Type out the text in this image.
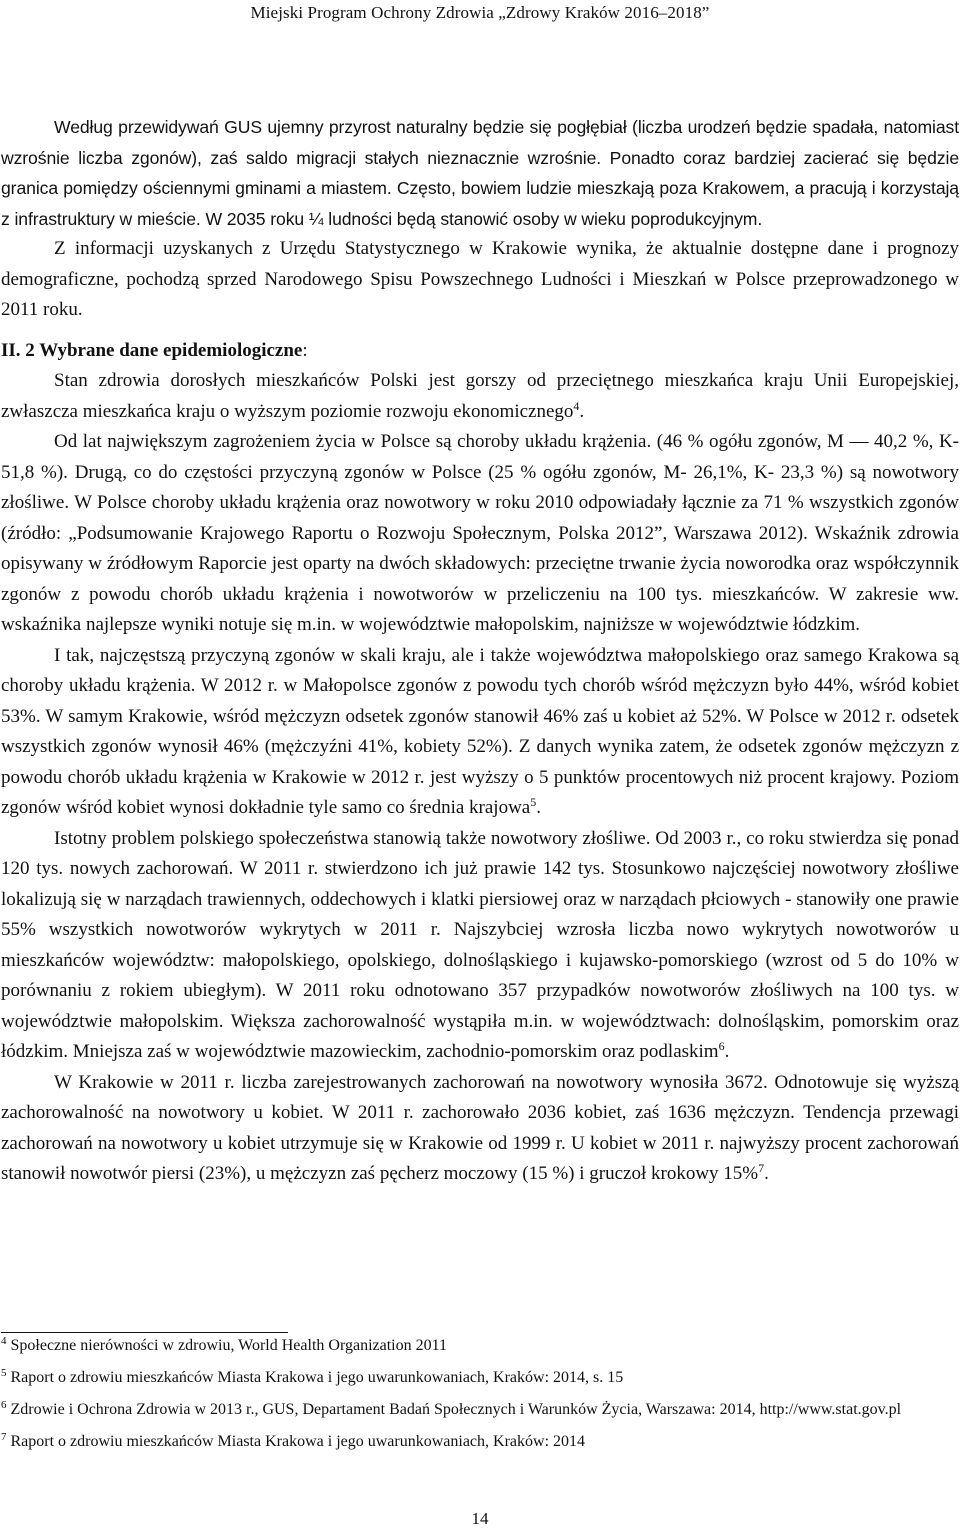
Miejski Program Ochrony Zdrowia „Zdrowy Kraków 2016–2018”

Według przewidywań GUS ujemny przyrost naturalny będzie się pogłębiał (liczba urodzeń będzie spadała, natomiast wzrośnie liczba zgonów), zaś saldo migracji stałych nieznacznie wzrośnie. Ponadto coraz bardziej zacierać się będzie granica pomiędzy ościennymi gminami a miastem. Często, bowiem ludzie mieszkają poza Krakowem, a pracują i korzystają z infrastruktury w mieście. W 2035 roku ¼ ludności będą stanowić osoby w wieku poprodukcyjnym.

Z informacji uzyskanych z Urzędu Statystycznego w Krakowie wynika, że aktualnie dostępne dane i prognozy demograficzne, pochodzą sprzed Narodowego Spisu Powszechnego Ludności i Mieszkań w Polsce przeprowadzonego w 2011 roku.

II. 2 Wybrane dane epidemiologiczne:

Stan zdrowia dorosłych mieszkańców Polski jest gorszy od przeciętnego mieszkańca kraju Unii Europejskiej, zwłaszcza mieszkańca kraju o wyższym poziomie rozwoju ekonomicznego$^4$.

Od lat największym zagrożeniem życia w Polsce są choroby układu krążenia. (46 % ogółu zgonów, M — 40,2 %, K- 51,8 %). Drugą, co do częstości przyczyną zgonów w Polsce (25 % ogółu zgonów, M- 26,1%, K- 23,3 %) są nowotwory złośliwe. W Polsce choroby układu krążenia oraz nowotwory w roku 2010 odpowiadały łącznie za 71 % wszystkich zgonów (źródło: „Podsumowanie Krajowego Raportu o Rozwoju Społecznym, Polska 2012”, Warszawa 2012). Wskaźnik zdrowia opisywany w źródłowym Raporcie jest oparty na dwóch składowych: przeciętne trwanie życia noworodka oraz współczynnik zgonów z powodu chorób układu krążenia i nowotworów w przeliczeniu na 100 tys. mieszkańców. W zakresie ww. wskaźnika najlepsze wyniki notuje się m.in. w województwie małopolskim, najniższe w województwie łódzkim.

I tak, najczęstszą przyczyną zgonów w skali kraju, ale i także województwa małopolskiego oraz samego Krakowa są choroby układu krążenia. W 2012 r. w Małopolsce zgonów z powodu tych chorób wśród mężczyzn było 44%, wśród kobiet 53%. W samym Krakowie, wśród mężczyzn odsetek zgonów stanowił 46% zaś u kobiet aż 52%. W Polsce w 2012 r. odsetek wszystkich zgonów wynosił 46% (mężczyźni 41%, kobiety 52%). Z danych wynika zatem, że odsetek zgonów mężczyzn z powodu chorób układu krążenia w Krakowie w 2012 r. jest wyższy o 5 punktów procentowych niż procent krajowy. Poziom zgonów wśród kobiet wynosi dokładnie tyle samo co średnia krajowa$^5$.

Istotny problem polskiego społeczeństwa stanowią także nowotwory złośliwe. Od 2003 r., co roku stwierdza się ponad 120 tys. nowych zachorowań. W 2011 r. stwierdzono ich już prawie 142 tys. Stosunkowo najczęściej nowotwory złośliwe lokalizują się w narządach trawiennych, oddechowych i klatki piersiowej oraz w narządach płciowych - stanowiły one prawie 55% wszystkich nowotworów wykrytych w 2011 r. Najszybciej wzrosła liczba nowo wykrytych nowotworów u mieszkańców województw: małopolskiego, opolskiego, dolnośląskiego i kujawsko-pomorskiego (wzrost od 5 do 10% w porównaniu z rokiem ubiegłym). W 2011 roku odnotowano 357 przypadków nowotworów złośliwych na 100 tys. w województwie małopolskim. Większa zachorowalność wystąpiła m.in. w województwach: dolnośląskim, pomorskim oraz łódzkim. Mniejsza zaś w województwie mazowieckim, zachodnio-pomorskim oraz podlaskim$^6$.

W Krakowie w 2011 r. liczba zarejestrowanych zachorowań na nowotwory wynosiła 3672. Odnotowuje się wyższą zachorowalność na nowotwory u kobiet. W 2011 r. zachorowało 2036 kobiet, zaś 1636 mężczyzn. Tendencja przewagi zachorowań na nowotwory u kobiet utrzymuje się w Krakowie od 1999 r. U kobiet w 2011 r. najwyższy procent zachorowań stanowił nowotwór piersi (23%), u mężczyzn zaś pęcherz moczowy (15 %) i gruczoł krokowy 15%$^7$.

$^4$ Społeczne nierówności w zdrowiu, World Health Organization 2011

$^5$ Raport o zdrowiu mieszkańców Miasta Krakowa i jego uwarunkowaniach, Kraków: 2014, s. 15

$^6$ Zdrowie i Ochrona Zdrowia w 2013 r., GUS, Departament Badań Społecznych i Warunków Życia, Warszawa: 2014, http://www.stat.gov.pl

$^7$ Raport o zdrowiu mieszkańców Miasta Krakowa i jego uwarunkowaniach, Kraków: 2014

14
